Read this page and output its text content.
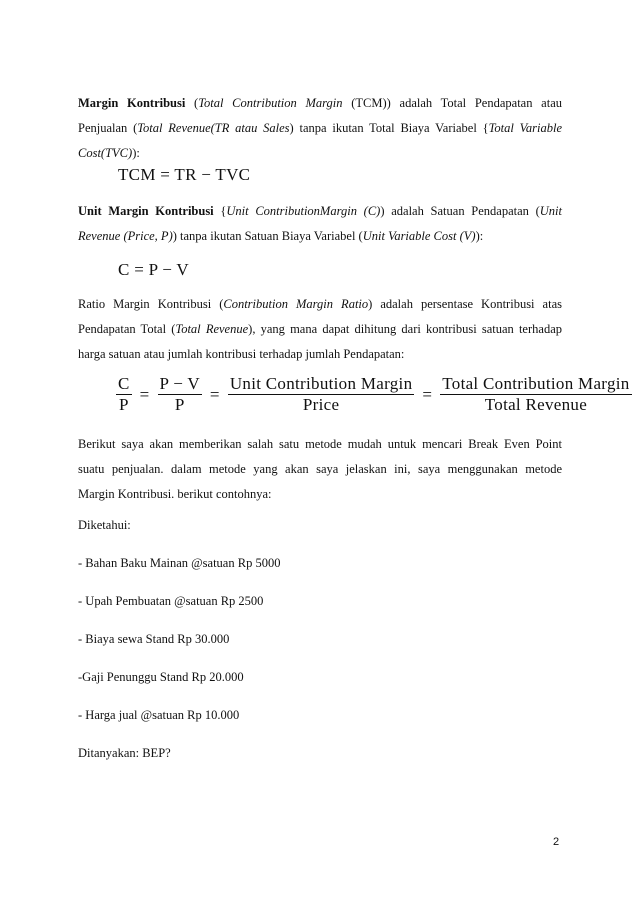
Margin Kontribusi (Total Contribution Margin (TCM)) adalah Total Pendapatan atau
Penjualan (Total Revenue(TR atau Sales) tanpa ikutan Total Biaya Variabel {Total Variable
Cost(TVC)):
TCM = TR − TVC
Unit Margin Kontribusi {Unit ContributionMargin (C)) adalah Satuan Pendapatan (Unit
Revenue (Price, P)) tanpa ikutan Satuan Biaya Variabel (Unit Variable Cost (V)):
C = P − V
Ratio Margin Kontribusi (Contribution Margin Ratio) adalah persentase Kontribusi atas
Pendapatan Total (Total Revenue), yang mana dapat dihitung dari kontribusi satuan terhadap
harga satuan atau jumlah kontribusi terhadap jumlah Pendapatan:
$\frac{C}{P} = \frac{P - V}{P} = \frac{\text{Unit Contribution Margin}}{\text{Price}} = \frac{\text{Total Contribution Margin}}{\text{Total Revenue}}$
Berikut saya akan memberikan salah satu metode mudah untuk mencari Break Even Point
suatu penjualan. dalam metode yang akan saya jelaskan ini, saya menggunakan metode
Margin Kontribusi. berikut contohnya:
Diketahui:
- Bahan Baku Mainan @satuan Rp 5000
- Upah Pembuatan @satuan Rp 2500
- Biaya sewa Stand Rp 30.000
-Gaji Penunggu Stand Rp 20.000
- Harga jual @satuan Rp 10.000
Ditanyakan: BEP?
2
